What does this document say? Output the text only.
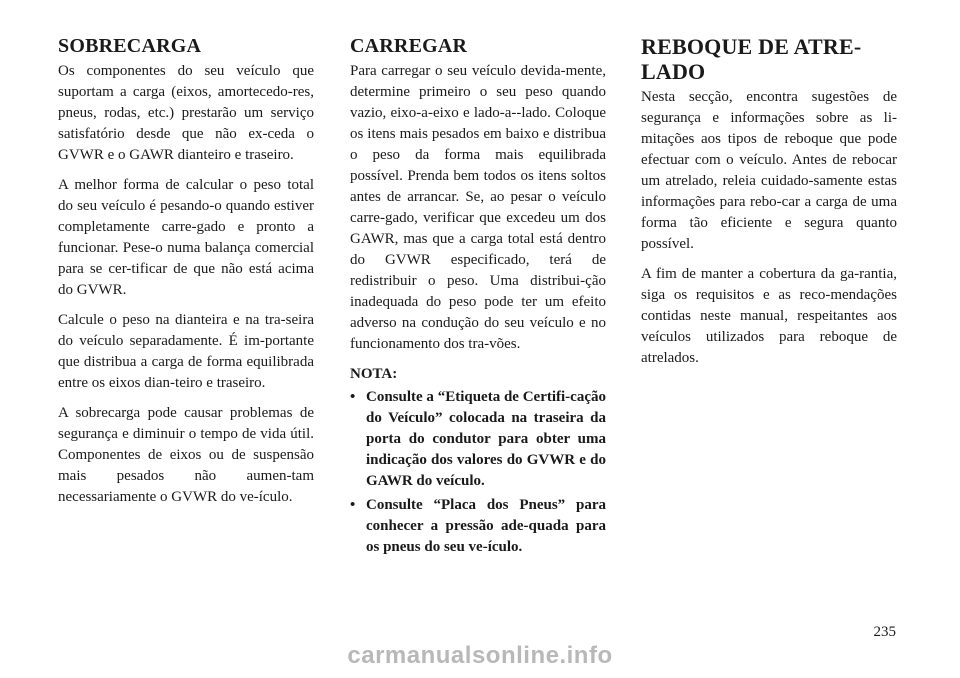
SOBRECARGA

Os componentes do seu veículo que suportam a carga (eixos, amortecedo-res, pneus, rodas, etc.) prestarão um serviço satisfatório desde que não ex-ceda o GVWR e o GAWR dianteiro e traseiro.

A melhor forma de calcular o peso total do seu veículo é pesando-o quando estiver completamente carre-gado e pronto a funcionar. Pese-o numa balança comercial para se cer-tificar de que não está acima do GVWR.

Calcule o peso na dianteira e na tra-seira do veículo separadamente. É im-portante que distribua a carga de forma equilibrada entre os eixos dian-teiro e traseiro.

A sobrecarga pode causar problemas de segurança e diminuir o tempo de vida útil. Componentes de eixos ou de suspensão mais pesados não aumen-tam necessariamente o GVWR do ve-ículo.

CARREGAR

Para carregar o seu veículo devida-mente, determine primeiro o seu peso quando vazio, eixo-a-eixo e lado-a--lado. Coloque os itens mais pesados em baixo e distribua o peso da forma mais equilibrada possível. Prenda bem todos os itens soltos antes de arrancar. Se, ao pesar o veículo carre-gado, verificar que excedeu um dos GAWR, mas que a carga total está dentro do GVWR especificado, terá de redistribuir o peso. Uma distribui-ção inadequada do peso pode ter um efeito adverso na condução do seu veículo e no funcionamento dos tra-vões.

NOTA:
• Consulte a “Etiqueta de Certifi-cação do Veículo” colocada na traseira da porta do condutor para obter uma indicação dos valores do GVWR e do GAWR do veículo.
• Consulte “Placa dos Pneus” para conhecer a pressão ade-quada para os pneus do seu ve-ículo.
REBOQUE DE ATRE-
LADO

Nesta secção, encontra sugestões de segurança e informações sobre as li-mitações aos tipos de reboque que pode efectuar com o veículo. Antes de rebocar um atrelado, releia cuidado-samente estas informações para rebo-car a carga de uma forma tão eficiente e segura quanto possível.

A fim de manter a cobertura da ga-rantia, siga os requisitos e as reco-mendações contidas neste manual, respeitantes aos veículos utilizados para reboque de atrelados.

235
carmanualsonline.info
